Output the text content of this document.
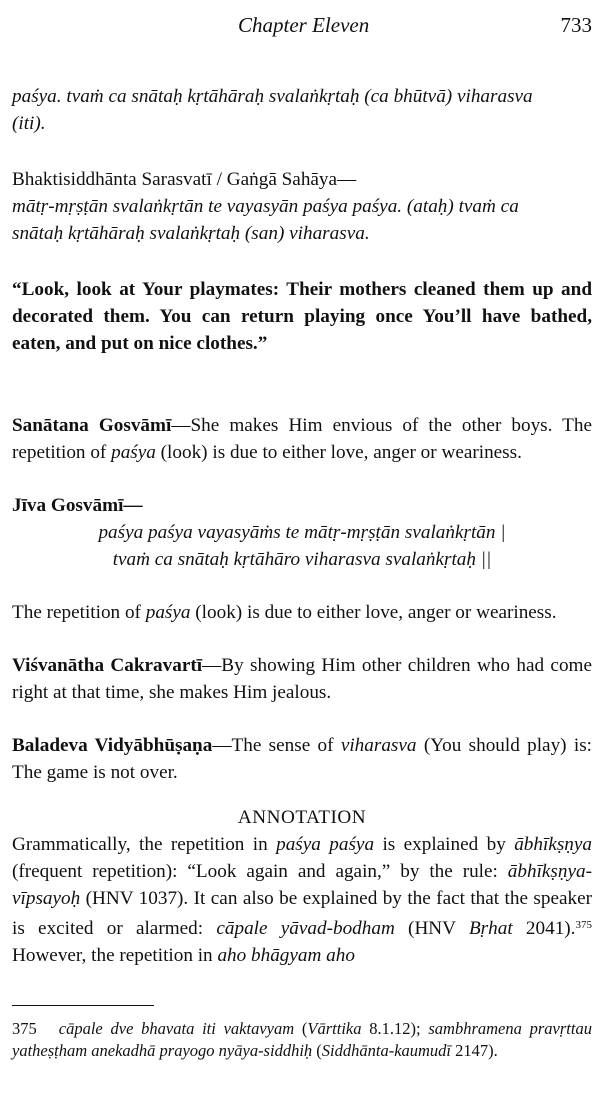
Chapter Eleven	733

paśya. tvaṁ ca snātaḥ kṛtāhāraḥ svalaṅkṛtaḥ (ca bhūtvā) viharasva
(iti).

Bhaktisiddhānta Sarasvatī / Gaṅgā Sahāya—
mātṛ-mṛṣṭān svalaṅkṛtān te vayasyān paśya paśya. (ataḥ) tvaṁ ca
snātaḥ kṛtāhāraḥ svalaṅkṛtaḥ (san) viharasva.

“Look, look at Your playmates: Their mothers cleaned them up and decorated them. You can return playing once You’ll have bathed, eaten, and put on nice clothes.”

Sanātana Gosvāmī—She makes Him envious of the other boys. The repetition of paśya (look) is due to either love, anger or weariness.

Jīva Gosvāmī—

paśya paśya vayasyāṁs te mātṛ-mṛṣṭān svalaṅkṛtān |
tvaṁ ca snātaḥ kṛtāhāro viharasva svalaṅkṛtaḥ ||

The repetition of paśya (look) is due to either love, anger or weariness.

Viśvanātha Cakravartī—By showing Him other children who had come right at that time, she makes Him jealous.

Baladeva Vidyābhūṣaṇa—The sense of viharasva (You should play) is: The game is not over.

ANNOTATION

Grammatically, the repetition in paśya paśya is explained by ābhīkṣṇya (frequent repetition): “Look again and again,” by the rule: ābhīkṣṇya-vīpsayoḥ (HNV 1037). It can also be explained by the fact that the speaker is excited or alarmed: cāpale yāvad-bodham (HNV Bṛhat 2041).$^{375}$ However, the repetition in aho bhāgyam aho

375 cāpale dve bhavata iti vaktavyam (Vārttika 8.1.12); sambhramena pravṛttau yatheṣṭham anekadhā prayogo nyāya-siddhiḥ (Siddhānta-kaumudī 2147).
